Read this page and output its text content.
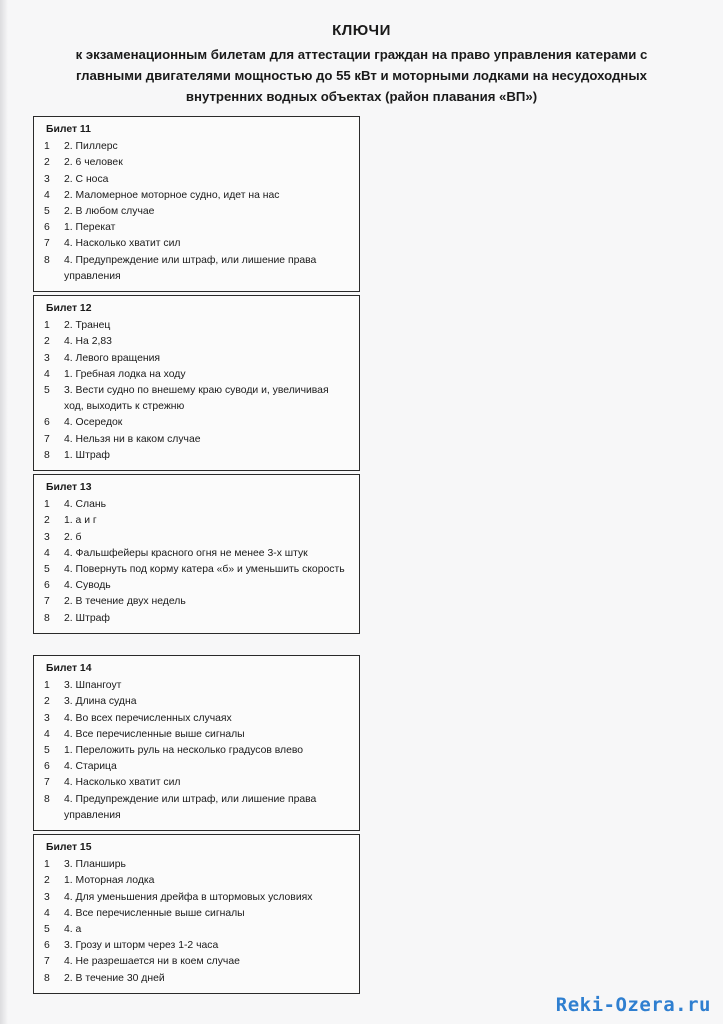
КЛЮЧИ
к экзаменационным билетам для аттестации граждан на право управления катерами с
главными двигателями мощностью до 55 кВт и моторными лодками на несудоходных
внутренних водных объектах (район плавания «ВП»)
Билет 11
1	2. Пиллерс
2	2. 6 человек
3	2. С носа
4	2. Маломерное моторное судно, идет на нас
5	2. В любом случае
6	1. Перекат
7	4. Насколько хватит сил
8	4. Предупреждение или штраф, или лишение права управления
Билет 12
1	2. Транец
2	4. На 2,83
3	4. Левого вращения
4	1. Гребная лодка на ходу
5	3. Вести судно по внешему краю суводи и, увеличивая ход, выходить к стрежню
6	4. Осередок
7	4. Нельзя ни в каком случае
8	1. Штраф
Билет 13
1	4. Слань
2	1. а и г
3	2. б
4	4. Фальшфейеры красного огня не менее 3-х штук
5	4. Повернуть под корму катера «б» и уменьшить скорость
6	4. Суводь
7	2. В течение двух недель
8	2. Штраф
Билет 14
1	3. Шпангоут
2	3. Длина судна
3	4. Во всех перечисленных случаях
4	4. Все перечисленные выше сигналы
5	1. Переложить руль на несколько градусов влево
6	4. Старица
7	4. Насколько хватит сил
8	4. Предупреждение или штраф, или лишение права управления
Билет 15
1	3. Планширь
2	1. Моторная лодка
3	4. Для уменьшения дрейфа в штормовых условиях
4	4. Все перечисленные выше сигналы
5	4. а
6	3. Грозу и шторм через 1-2 часа
7	4. Не разрешается ни в коем случае
8	2. В течение 30 дней
Reki-Ozera.ru
